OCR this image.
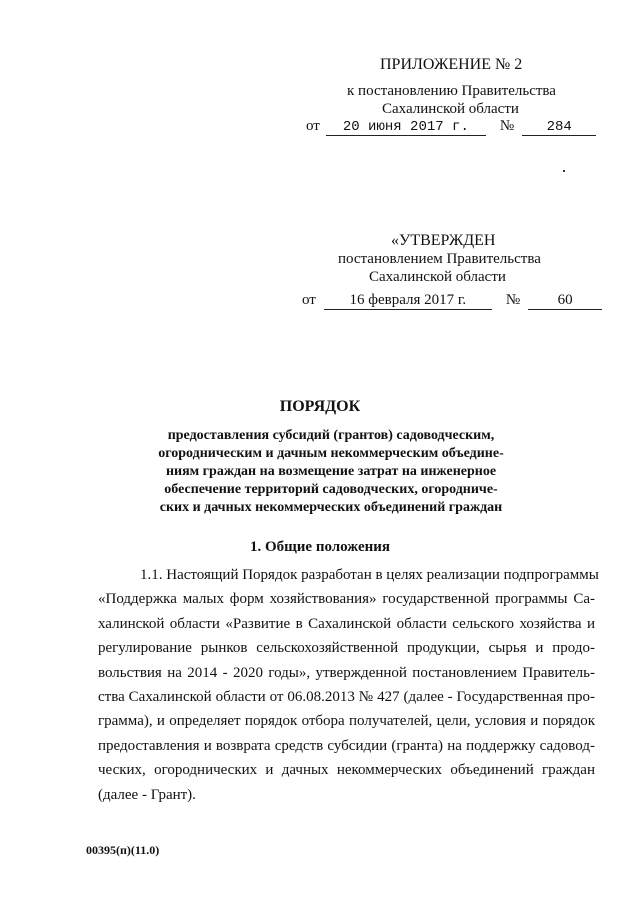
ПРИЛОЖЕНИЕ № 2
к постановлению Правительства
Сахалинской области
от 20 июня 2017 г. № 284
«УТВЕРЖДЕН
постановлением Правительства
Сахалинской области
от 16 февраля 2017 г.	№	60
ПОРЯДОК
предоставления субсидий (грантов) садоводческим,
огородническим и дачным некоммерческим объедине-
ниям граждан на возмещение затрат на инженерное
обеспечение территорий садоводческих, огородниче-
ских и дачных некоммерческих объединений граждан
1. Общие положения
1.1. Настоящий Порядок разработан в целях реализации подпрограммы
«Поддержка малых форм хозяйствования» государственной программы Са-
халинской области «Развитие в Сахалинской области сельского хозяйства и
регулирование рынков сельскохозяйственной продукции, сырья и продо-
вольствия на 2014 - 2020 годы», утвержденной постановлением Правитель-
ства Сахалинской области от 06.08.2013 № 427 (далее - Государственная про-
грамма), и определяет порядок отбора получателей, цели, условия и порядок
предоставления и возврата средств субсидии (гранта) на поддержку садовод-
ческих, огороднических и дачных некоммерческих объединений граждан
(далее - Грант).
00395(п)(11.0)
